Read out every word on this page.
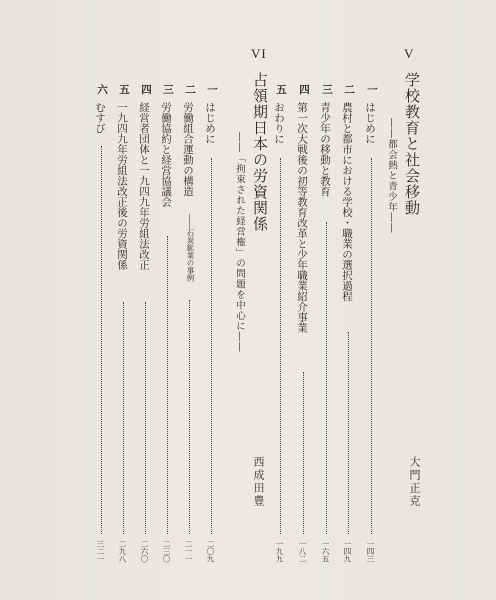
V
学校教育と社会移動
――都会熱と青少年――
大門正克
一
はじめに
一四三
二
農村と都市における学校・職業の選択過程
一四九
三
青少年の移動と教育
一六五
四
第一次大戦後の初等教育改革と少年職業紹介事業
一八二
五
おわりに
一九九
VI
占領期日本の労資関係
――「拘束された経営権」の問題を中心に――
西成田豊
一
はじめに
二〇九
二
労働組合運動の構造
――石炭鉱業の事例
二一一
三
労働協約と経営協議会
二三〇
四
経営者団体と一九四九年労組法改正
二六〇
五
一九四九年労組法改正後の労資関係
二九八
六
むすび
三二一
